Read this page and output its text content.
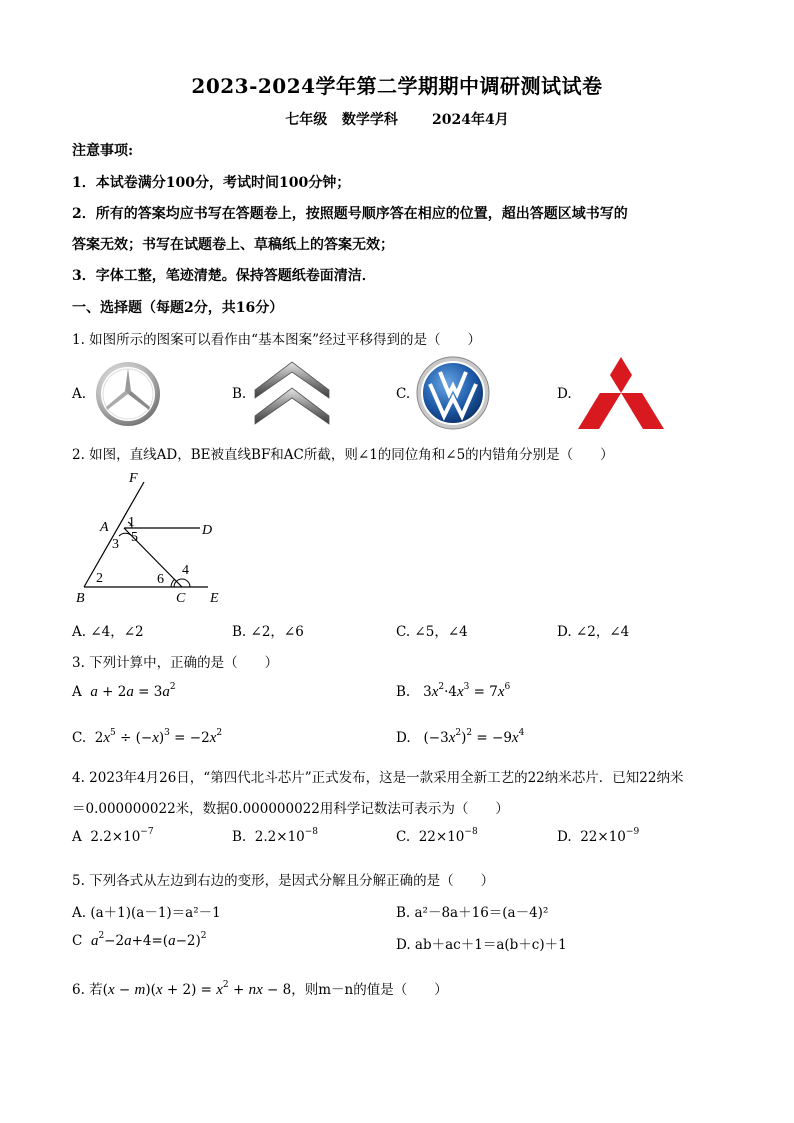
2023-2024学年第二学期期中调研测试试卷
七年级 数学学科 2024年4月
注意事项:
1．本试卷满分100分，考试时间100分钟；
2．所有的答案均应书写在答题卷上，按照题号顺序答在相应的位置，超出答题区域书写的
答案无效；书写在试题卷上、草稿纸上的答案无效；
3．字体工整，笔迹清楚。保持答题纸卷面清洁．
一、选择题（每题2分，共16分）
1. 如图所示的图案可以看作由“基本图案”经过平移得到的是（　　）
A.	B.	C.	D.
2. 如图，直线AD，BE被直线BF和AC所截，则∠1的同位角和∠5的内错角分别是（　　）
F
A	D
B	C E
1
5
3
2	6
4
A. ∠4，∠2	B. ∠2，∠6	C. ∠5，∠4	D. ∠2，∠4
3. 下列计算中，正确的是（　　）
A $a + 2a = 3a^2$	B.   $3x^2\cdot 4x^3 = 7x^6$
C.  $2x^5 \div (-x)^3 = -2x^2$	D.   $(-3x^2)^2 = -9x^4$
4. 2023年4月26日，“第四代北斗芯片”正式发布，这是一款采用全新工艺的22纳米芯片．已知22纳米
＝0.000000022米，数据0.000000022用科学记数法可表示为（　　）
A  $2.2\times 10^{-7}$	B.  $2.2\times 10^{-8}$	C.  $22\times 10^{-8}$	D.  $22\times 10^{-9}$
5. 下列各式从左边到右边的变形，是因式分解且分解正确的是（　　）
A. (a＋1)(a－1)＝a²－1	B. a²－8a＋16＝(a－4)²
C $a^2-2a+4=(a-2)^2$
D. ab＋ac＋1＝a(b＋c)＋1
6. 若$(x - m)(x + 2) = x^2$ + nx − 8，则m－n的值是（　　）
